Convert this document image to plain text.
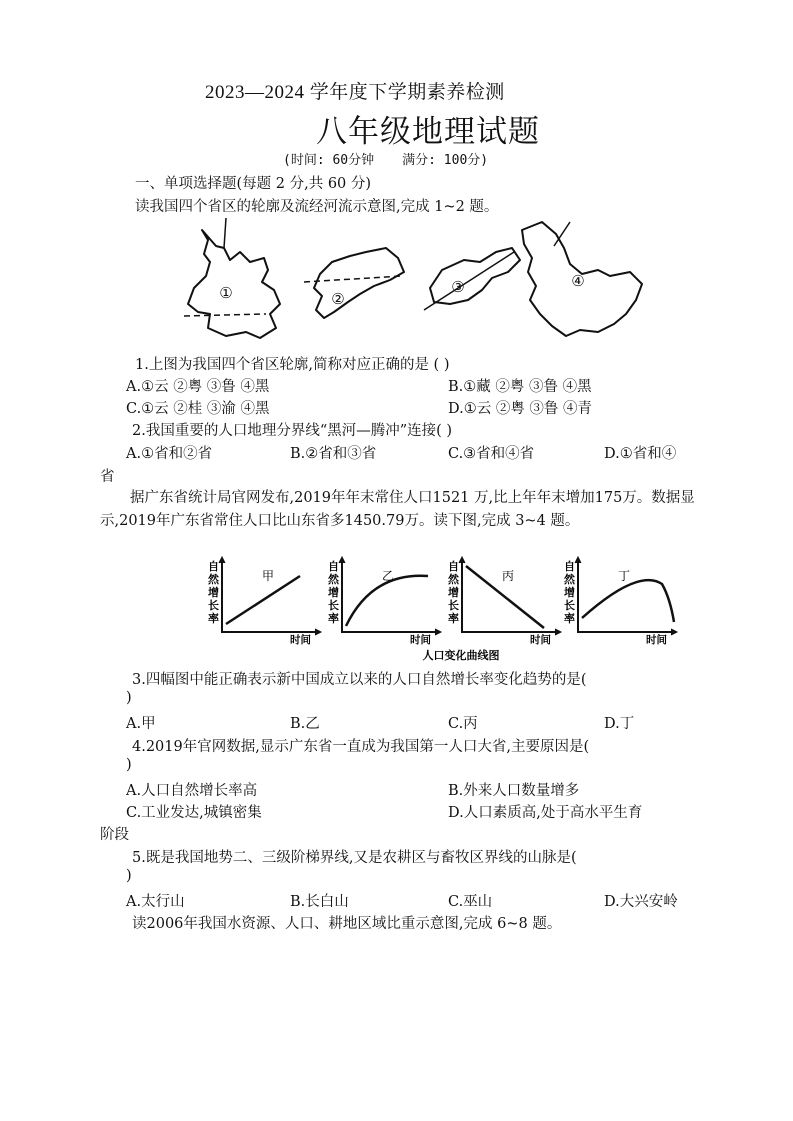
2023—2024 学年度下学期素养检测
八年级地理试题
(时间: 60分钟 满分: 100分)
一、单项选择题(每题 2 分,共 60 分)
读我国四个省区的轮廓及流经河流示意图,完成 1~2 题。
①	②
③	④
1.上图为我国四个省区轮廓,简称对应正确的是 ( )
A.①云 ②粤 ③鲁 ④黑	B.①藏 ②粤 ③鲁 ④黑
C.①云 ②桂 ③渝 ④黑	D.①云 ②粤 ③鲁 ④青
2.我国重要的人口地理分界线“黑河—腾冲”连接( )
A.①省和②省	B.②省和③省	C.③省和④省	D.①省和④
省
据广东省统计局官网发布,2019年年末常住人口1521 万,比上年年末增加175万。数据显示,2019年广东省常住人口比山东省多1450.79万。读下图,完成 3~4 题。
自然增长率
甲
时间
自然增长率
乙
时间
自然增长率
丙
时间
自然增长率
丁
时间
人口变化曲线图
3.四幅图中能正确表示新中国成立以来的人口自然增长率变化趋势的是(
)
A.甲	B.乙	C.丙	D.丁
4.2019年官网数据,显示广东省一直成为我国第一人口大省,主要原因是(
)
A.人口自然增长率高	B.外来人口数量增多
C.工业发达,城镇密集	D.人口素质高,处于高水平生育
阶段
5.既是我国地势二、三级阶梯界线,又是农耕区与畜牧区界线的山脉是(
)
A.太行山	B.长白山	C.巫山	D.大兴安岭
读2006年我国水资源、人口、耕地区域比重示意图,完成 6~8 题。
